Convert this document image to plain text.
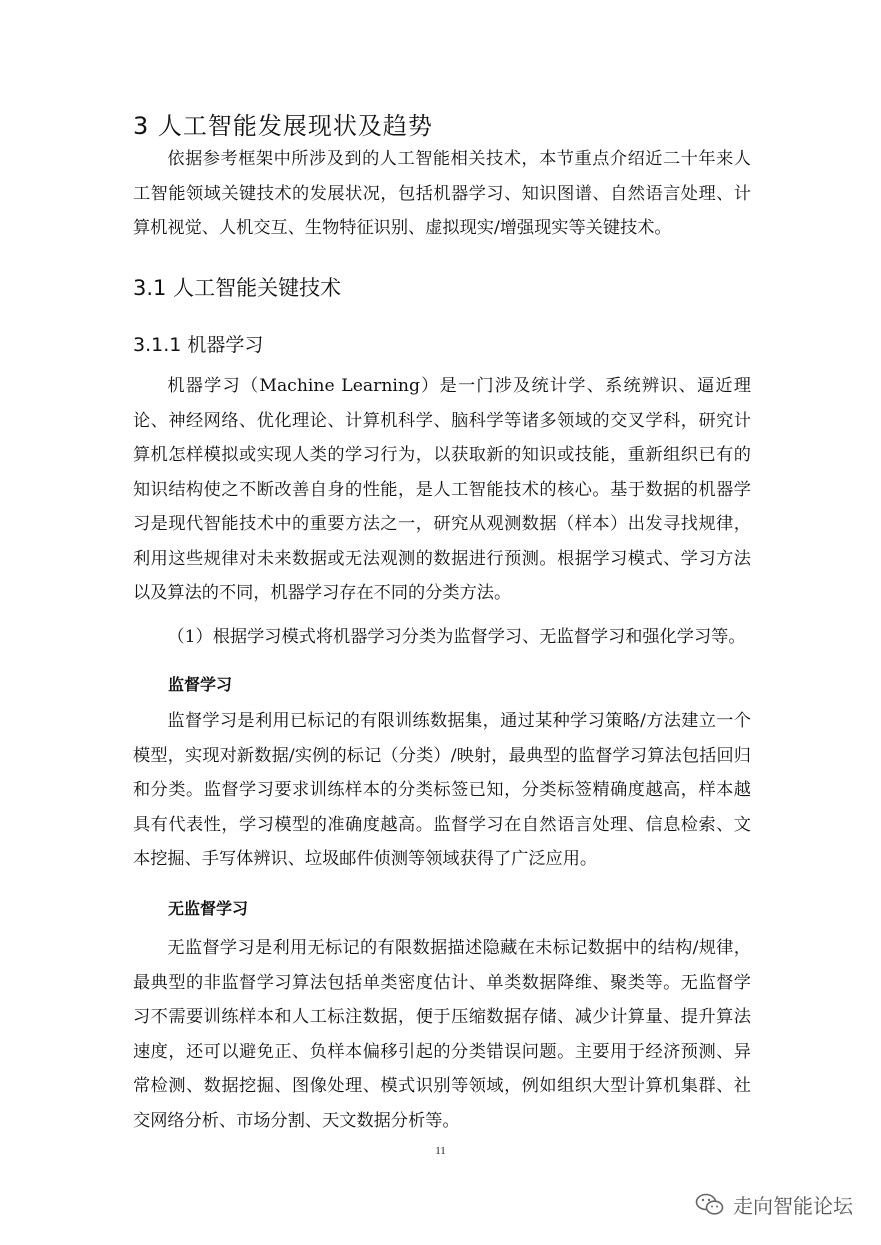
3 人工智能发展现状及趋势
依据参考框架中所涉及到的人工智能相关技术，本节重点介绍近二十年来人工智能领域关键技术的发展状况，包括机器学习、知识图谱、自然语言处理、计算机视觉、人机交互、生物特征识别、虚拟现实/增强现实等关键技术。
3.1 人工智能关键技术
3.1.1 机器学习
机器学习（Machine Learning）是一门涉及统计学、系统辨识、逼近理论、神经网络、优化理论、计算机科学、脑科学等诸多领域的交叉学科，研究计算机怎样模拟或实现人类的学习行为，以获取新的知识或技能，重新组织已有的知识结构使之不断改善自身的性能，是人工智能技术的核心。基于数据的机器学习是现代智能技术中的重要方法之一，研究从观测数据（样本）出发寻找规律，利用这些规律对未来数据或无法观测的数据进行预测。根据学习模式、学习方法以及算法的不同，机器学习存在不同的分类方法。
（1）根据学习模式将机器学习分类为监督学习、无监督学习和强化学习等。
监督学习
监督学习是利用已标记的有限训练数据集，通过某种学习策略/方法建立一个模型，实现对新数据/实例的标记（分类）/映射，最典型的监督学习算法包括回归和分类。监督学习要求训练样本的分类标签已知，分类标签精确度越高，样本越具有代表性，学习模型的准确度越高。监督学习在自然语言处理、信息检索、文本挖掘、手写体辨识、垃圾邮件侦测等领域获得了广泛应用。
无监督学习
无监督学习是利用无标记的有限数据描述隐藏在未标记数据中的结构/规律，最典型的非监督学习算法包括单类密度估计、单类数据降维、聚类等。无监督学习不需要训练样本和人工标注数据，便于压缩数据存储、减少计算量、提升算法速度，还可以避免正、负样本偏移引起的分类错误问题。主要用于经济预测、异常检测、数据挖掘、图像处理、模式识别等领域，例如组织大型计算机集群、社交网络分析、市场分割、天文数据分析等。
11
走向智能论坛
